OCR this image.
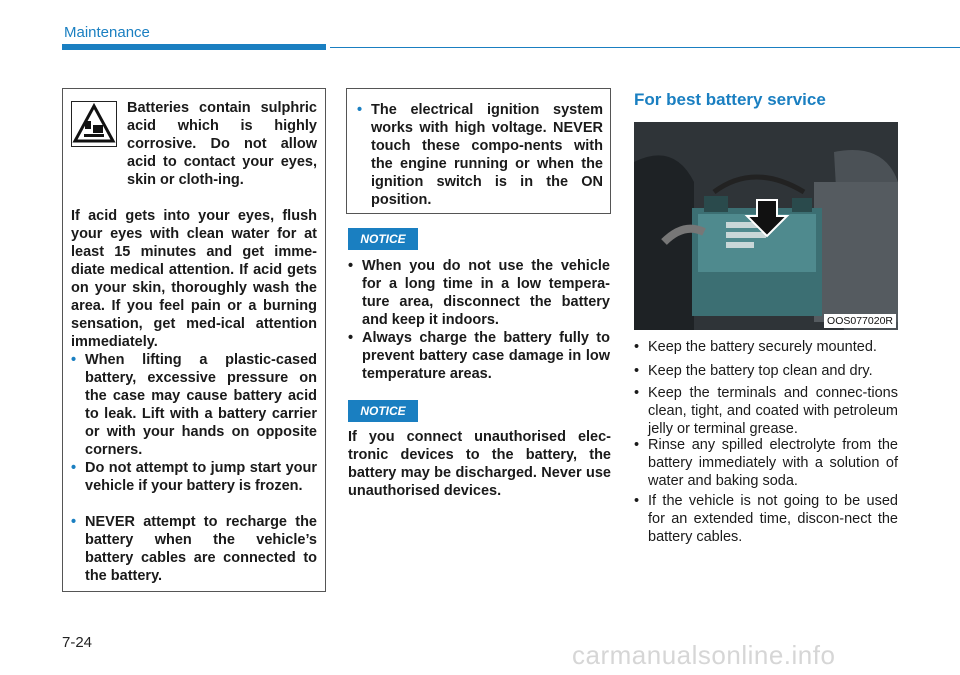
Maintenance

Batteries contain sulphric acid which is highly corrosive. Do not allow acid to contact your eyes, skin or cloth-ing.

If acid gets into your eyes, flush your eyes with clean water for at least 15 minutes and get imme-diate medical attention. If acid gets on your skin, thoroughly wash the area. If you feel pain or a burning sensation, get med-ical attention immediately.

• When lifting a plastic-cased battery, excessive pressure on the case may cause battery acid to leak. Lift with a battery carrier or with your hands on opposite corners.

• Do not attempt to jump start your vehicle if your battery is frozen.

• NEVER attempt to recharge the battery when the vehicle’s battery cables are connected to the battery.

• The electrical ignition system works with high voltage. NEVER touch these compo-nents with the engine running or when the ignition switch is in the ON position.

NOTICE

• When you do not use the vehicle for a long time in a low tempera-ture area, disconnect the battery and keep it indoors.

• Always charge the battery fully to prevent battery case damage in low temperature areas.

NOTICE

If you connect unauthorised elec-tronic devices to the battery, the battery may be discharged. Never use unauthorised devices.

For best battery service
OOS077020R

• Keep the battery securely mounted.

• Keep the battery top clean and dry.

• Keep the terminals and connec-tions clean, tight, and coated with petroleum jelly or terminal grease.

• Rinse any spilled electrolyte from the battery immediately with a solution of water and baking soda.

• If the vehicle is not going to be used for an extended time, discon-nect the battery cables.

7-24	carmanualsonline.info
